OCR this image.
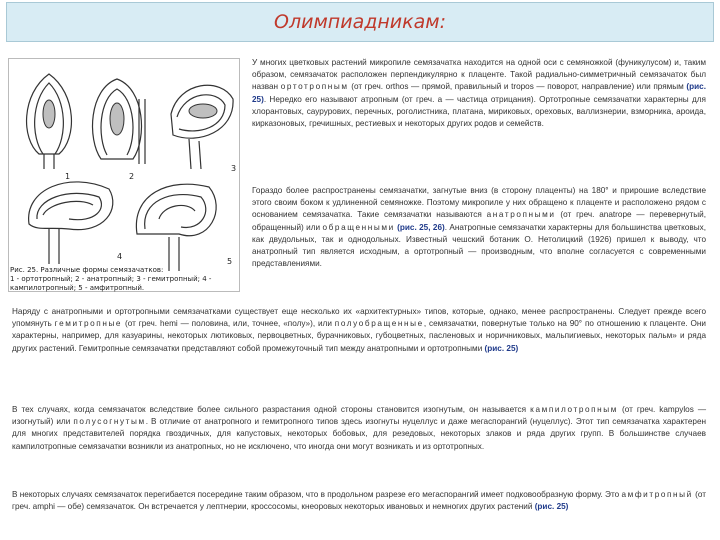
Олимпиадникам:
1	2
3
4
5
Рис. 25. Различные формы семязачатков:
1 - ортотропный; 2 - анатропный; 3 - гемитропный; 4 -
кампилотропный; 5 - амфитропный.

У многих цветковых растений микропиле семязачатка находится на одной оси с семяножкой (фуникулусом) и, таким образом, семязачаток расположен перпендикулярно к плаценте. Такой радиально-симметричный семязачаток был назван ортотропным (от греч. orthos — прямой, правильный и tropos — поворот, направление) или прямым (рис. 25). Нередко его называют атропным (от греч. a — частица отрицания). Ортотропные семязачатки характерны для хлорантовых, саурурових, перечных, роголистника, платана, мириковых, ореховых, валлизнерии, взморника, ароида, кирказоновых, гречишных, рестиевых и некоторых других родов и семейств.

Гораздо более распространены семязачатки, загнутые вниз (в сторону плаценты) на 180° и прирошие вследствие этого своим боком к удлиненной семяножке. Поэтому микропиле у них обращено к плаценте и расположено рядом с основанием семязачатка. Такие семязачатки называются анатропными (от греч. anatrope — перевернутый, обращенный) или обращенными (рис. 25, 26). Анатропные семязачатки характерны для большинства цветковых, как двудольных, так и однодольных. Известный чешский ботаник О. Нетолицкий (1926) пришел к выводу, что анатропный тип является исходным, а ортотропный — производным, что вполне согласуется с современными представлениями.

Наряду с анатропными и ортотропными семязачатками существует еще несколько их «архитектурных» типов, которые, однако, менее распространены. Следует прежде всего упомянуть гемитропные (от греч. hemi — половина, или, точнее, «полу»), или полуобращенные, семязачатки, повернутые только на 90° по отношению к плаценте. Они характерны, например, для казуарины, некоторых лютиковых, первоцветных, бурачниковых, губоцветных, пасленовых и норичниковых, мальпигиевых, некоторых пальм» и ряда других растений. Гемитропные семязачатки представляют собой промежуточный тип между анатропными и ортотропными (рис. 25)

В тех случаях, когда семязачаток вследствие более сильного разрастания одной стороны становится изогнутым, он называется кампилотропным (от греч. kampylos — изогнутый) или полусогнутым. В отличие от анатропного и гемитропного типов здесь изогнуты нуцеллус и даже мегаспорангий (нуцеллус). Этот тип семязачатка характерен для многих представителей порядка гвоздичных, для капустовых, некоторых бобовых, для резедовых, некоторых злаков и ряда других групп. В большинстве случаев кампилотропные семязачатки возникли из анатропных, но не исключено, что иногда они могут возникать и из ортотропных.

В некоторых случаях семязачаток перегибается посередине таким образом, что в продольном разрезе его мегаспорангий имеет подковообразную форму. Это амфитропный (от греч. amphi — обе) семязачаток. Он встречается у лептнерии, кроссосомы, кнеоровых некоторых ивановых и немногих других растений (рис. 25)
